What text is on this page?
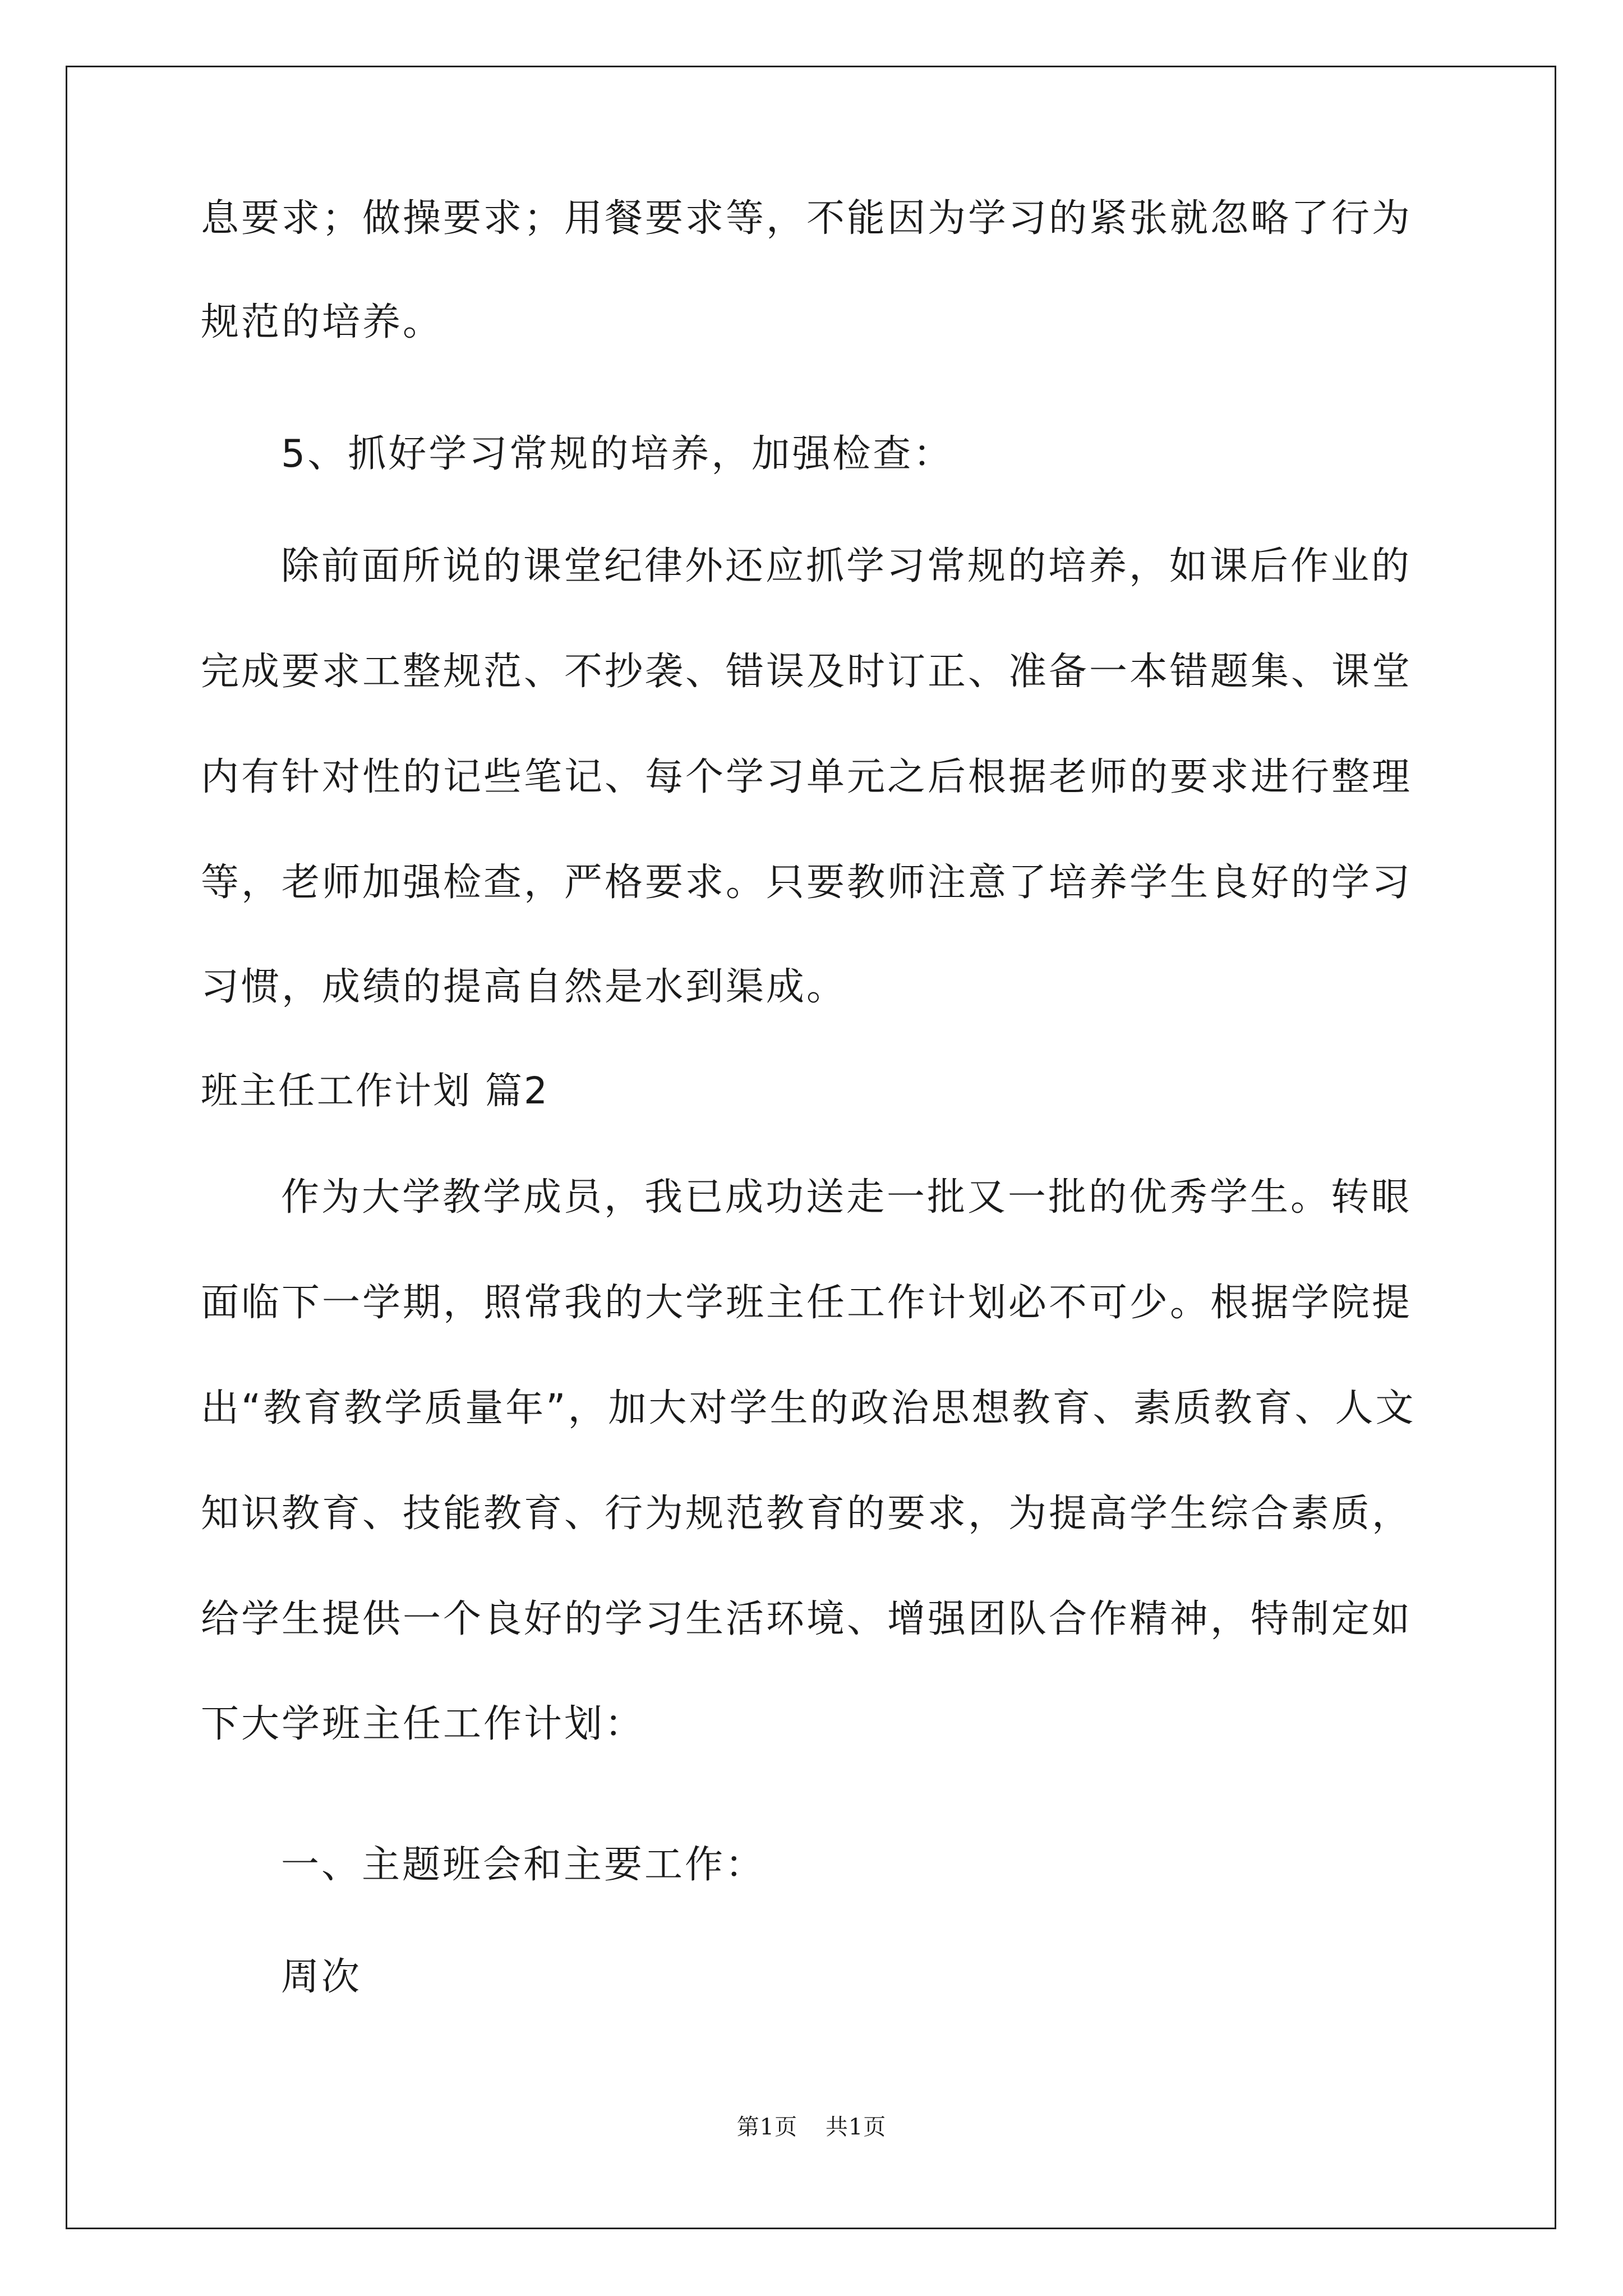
息要求；做操要求；用餐要求等，不能因为学习的紧张就忽略了行为
规范的培养。
5、抓好学习常规的培养，加强检查：
除前面所说的课堂纪律外还应抓学习常规的培养，如课后作业的
完成要求工整规范、不抄袭、错误及时订正、准备一本错题集、课堂
内有针对性的记些笔记、每个学习单元之后根据老师的要求进行整理
等，老师加强检查，严格要求。只要教师注意了培养学生良好的学习
习惯，成绩的提高自然是水到渠成。
班主任工作计划 篇2
作为大学教学成员，我已成功送走一批又一批的优秀学生。转眼
面临下一学期，照常我的大学班主任工作计划必不可少。根据学院提
出“教育教学质量年”，加大对学生的政治思想教育、素质教育、人文
知识教育、技能教育、行为规范教育的要求，为提高学生综合素质，
给学生提供一个良好的学习生活环境、增强团队合作精神，特制定如
下大学班主任工作计划：
一、主题班会和主要工作：
周次
第1页 共1页
